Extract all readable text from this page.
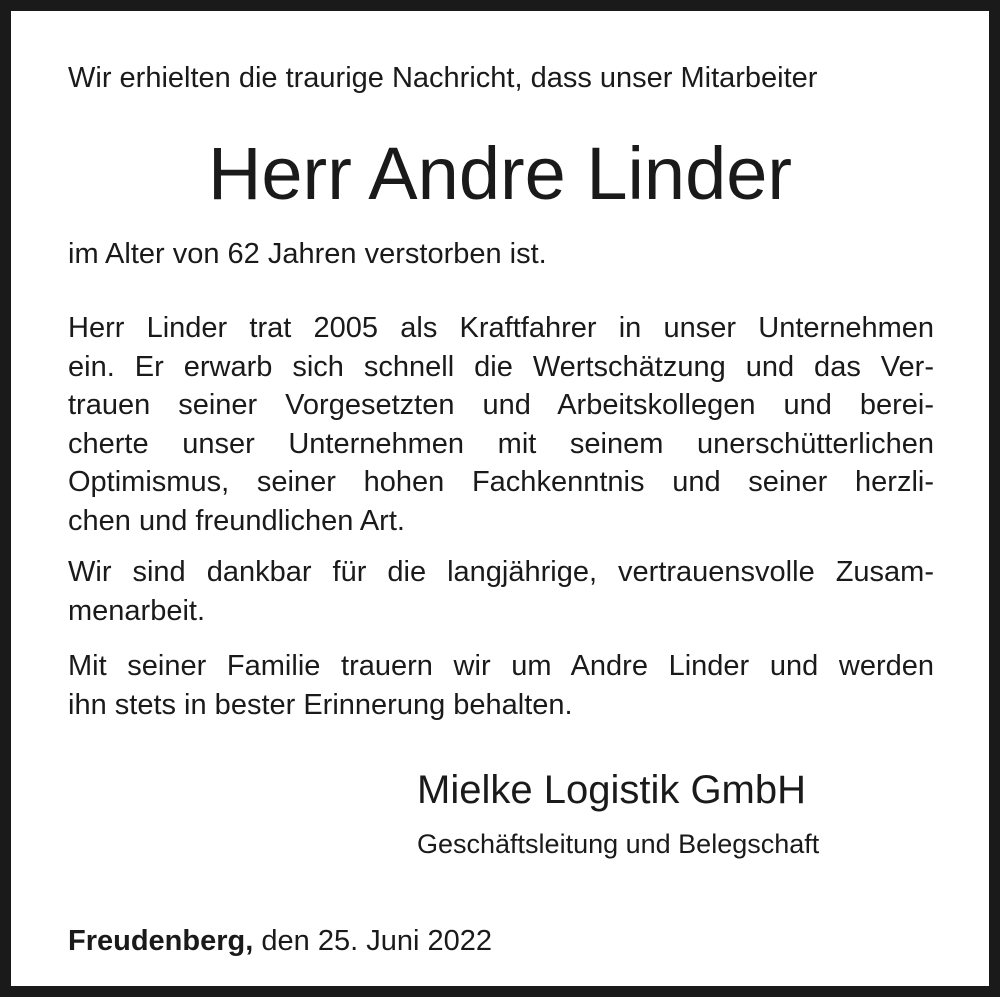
Wir erhielten die traurige Nachricht, dass unser Mitarbeiter
Herr Andre Linder
im Alter von 62 Jahren verstorben ist.
Herr Linder trat 2005 als Kraftfahrer in unser Unternehmen
ein. Er erwarb sich schnell die Wertschätzung und das Ver-
trauen seiner Vorgesetzten und Arbeitskollegen und berei-
cherte unser Unternehmen mit seinem unerschütterlichen
Optimismus, seiner hohen Fachkenntnis und seiner herzli-
chen und freundlichen Art.
Wir sind dankbar für die langjährige, vertrauensvolle Zusam-
menarbeit.
Mit seiner Familie trauern wir um Andre Linder und werden
ihn stets in bester Erinnerung behalten.
Mielke Logistik GmbH
Geschäftsleitung und Belegschaft
Freudenberg, den 25. Juni 2022
